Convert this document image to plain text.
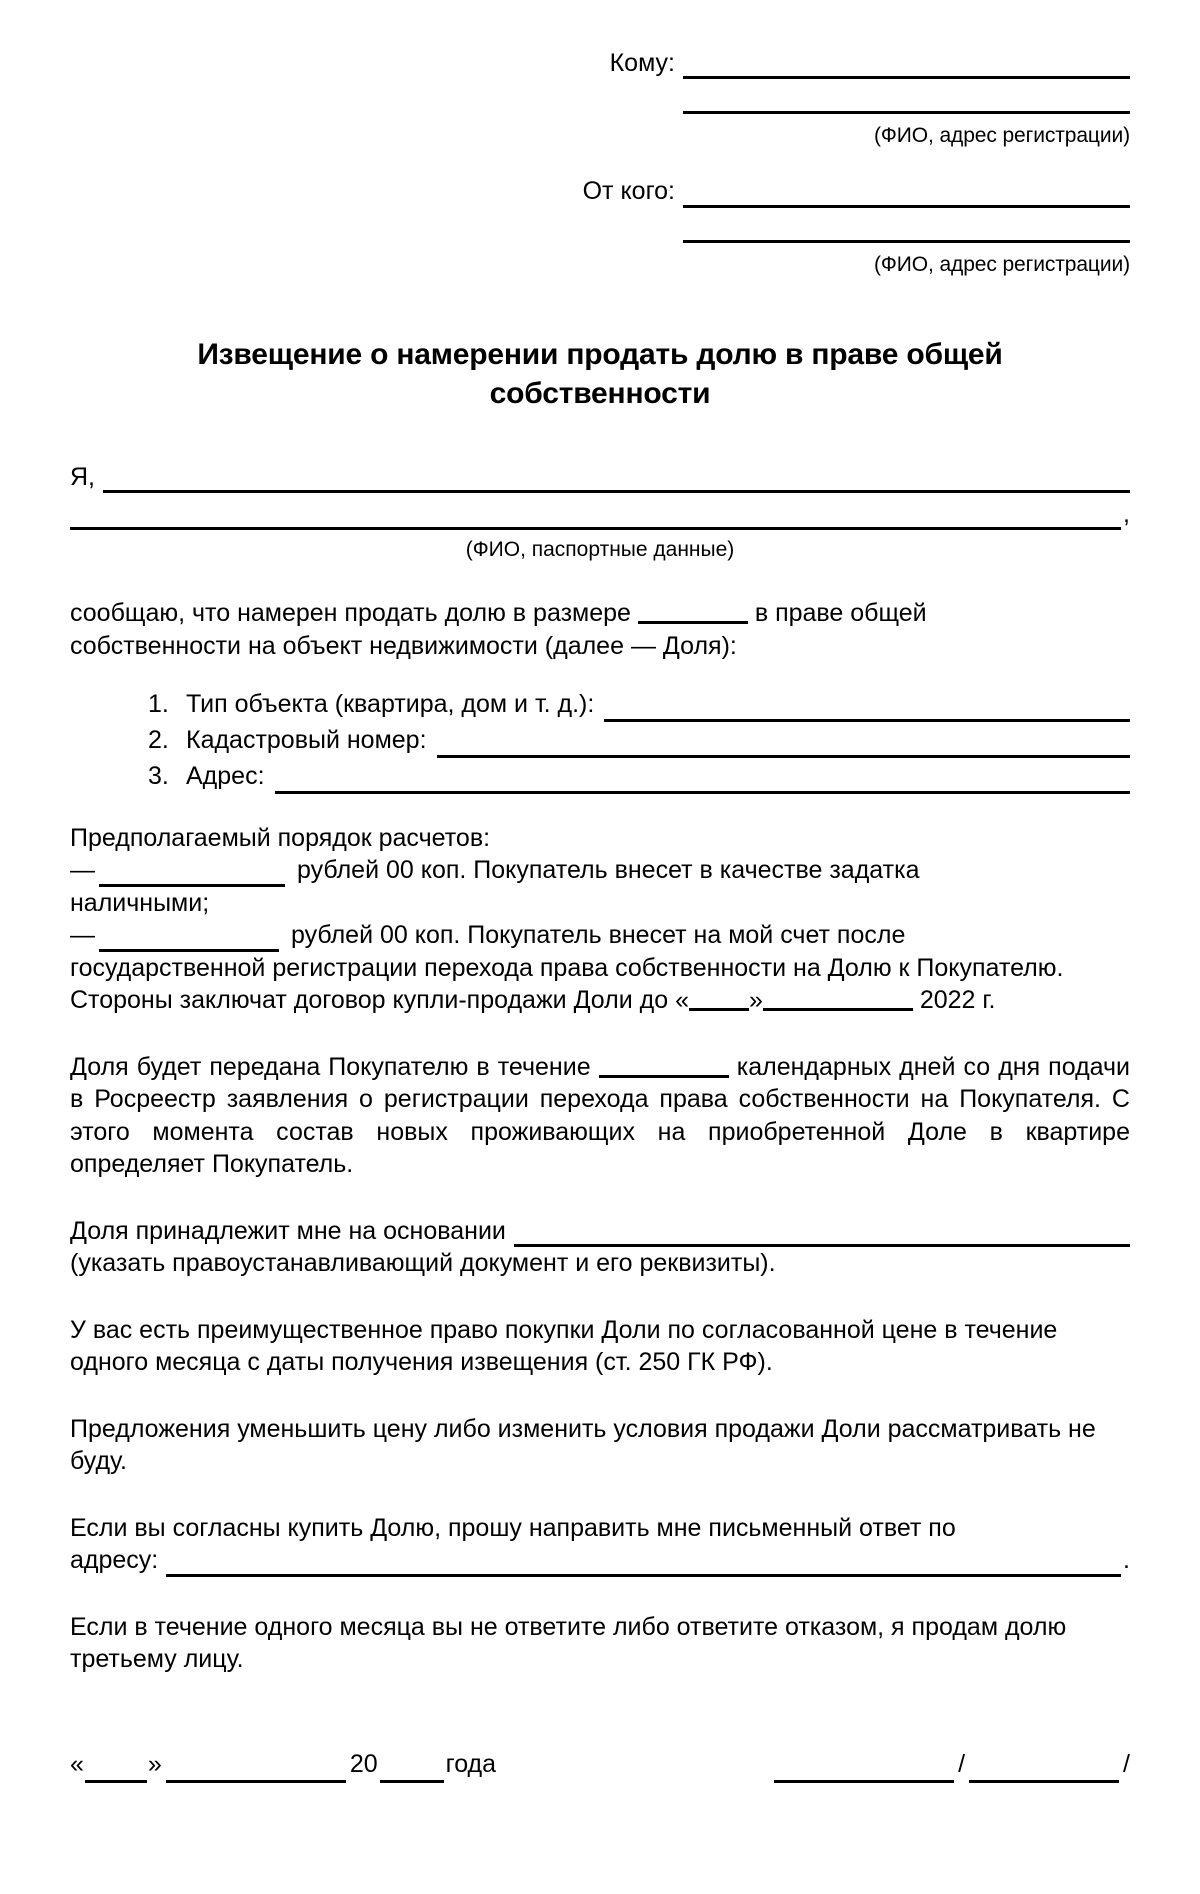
Кому:
(ФИО, адрес регистрации)
От кого:
(ФИО, адрес регистрации)
Извещение о намерении продать долю в праве общей собственности
Я,
,
(ФИО, паспортные данные)
сообщаю, что намерен продать долю в размере	в праве общей
собственности на объект недвижимости (далее — Доля):
1. Тип объекта (квартира, дом и т. д.):
2. Кадастровый номер:
3. Адрес:
Предполагаемый порядок расчетов:
—	рублей 00 коп. Покупатель внесет в качестве задатка
наличными;
—	рублей 00 коп. Покупатель внесет на мой счет после
государственной регистрации перехода права собственности на Долю к Покупателю.
Стороны заключат договор купли-продажи Доли до « »	2022 г.
Доля будет передана Покупателю в течение	календарных дней со дня подачи в Росреестр заявления о регистрации перехода права собственности на Покупателя. С этого момента состав новых проживающих на приобретенной Доле в квартире определяет Покупатель.
Доля принадлежит мне на основании
(указать правоустанавливающий документ и его реквизиты).
У вас есть преимущественное право покупки Доли по согласованной цене в течение одного месяца с даты получения извещения (ст. 250 ГК РФ).
Предложения уменьшить цену либо изменить условия продажи Доли рассматривать не буду.
Если вы согласны купить Долю, прошу направить мне письменный ответ по
адресу:	.
Если в течение одного месяца вы не ответите либо ответите отказом, я продам долю третьему лицу.
«	»	20	года	/	/
